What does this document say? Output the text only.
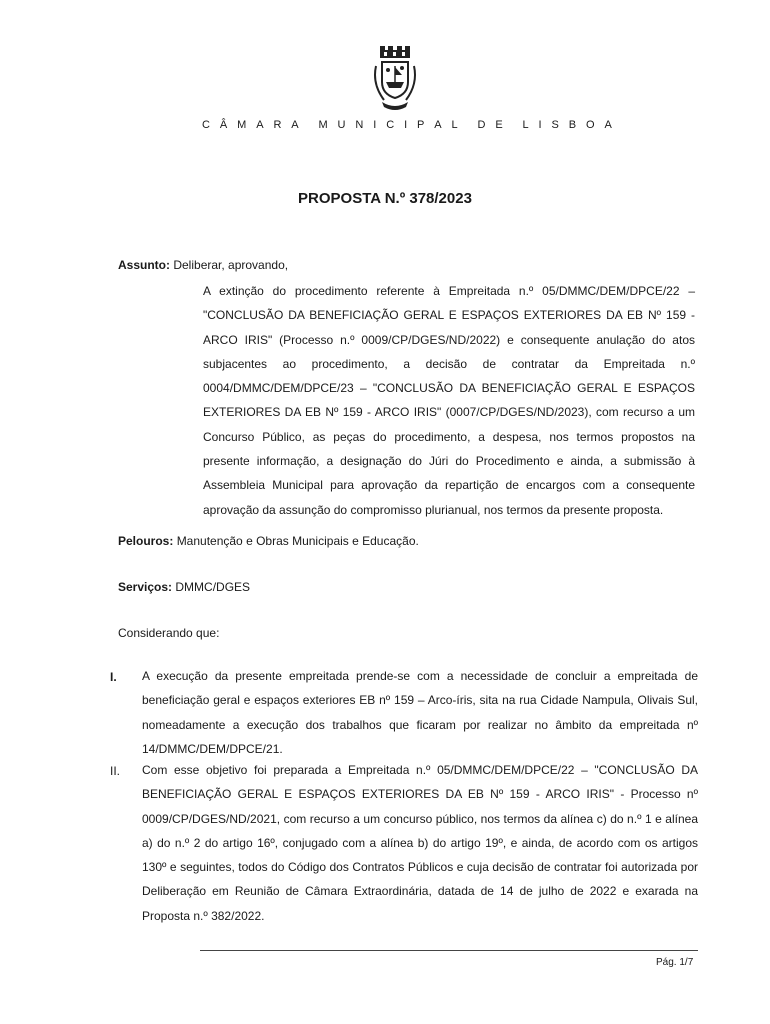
C Â M A R A M U N I C I P A L D E L I S B O A
PROPOSTA N.º 378/2023
Assunto: Deliberar, aprovando,
A extinção do procedimento referente à Empreitada n.º 05/DMMC/DEM/DPCE/22 – "CONCLUSÃO DA BENEFICIAÇÃO GERAL E ESPAÇOS EXTERIORES DA EB Nº 159 - ARCO IRIS" (Processo n.º 0009/CP/DGES/ND/2022) e consequente anulação do atos subjacentes ao procedimento, a decisão de contratar da Empreitada n.º 0004/DMMC/DEM/DPCE/23 – "CONCLUSÃO DA BENEFICIAÇÃO GERAL E ESPAÇOS EXTERIORES DA EB Nº 159 - ARCO IRIS" (0007/CP/DGES/ND/2023), com recurso a um Concurso Público, as peças do procedimento, a despesa, nos termos propostos na presente informação, a designação do Júri do Procedimento e ainda, a submissão à Assembleia Municipal para aprovação da repartição de encargos com a consequente aprovação da assunção do compromisso plurianual, nos termos da presente proposta.
Pelouros: Manutenção e Obras Municipais e Educação.
Serviços: DMMC/DGES
Considerando que:
I. A execução da presente empreitada prende-se com a necessidade de concluir a empreitada de beneficiação geral e espaços exteriores EB nº 159 – Arco-íris, sita na rua Cidade Nampula, Olivais Sul, nomeadamente a execução dos trabalhos que ficaram por realizar no âmbito da empreitada nº 14/DMMC/DEM/DPCE/21.
II. Com esse objetivo foi preparada a Empreitada n.º 05/DMMC/DEM/DPCE/22 – "CONCLUSÃO DA BENEFICIAÇÃO GERAL E ESPAÇOS EXTERIORES DA EB Nº 159 - ARCO IRIS" - Processo nº 0009/CP/DGES/ND/2021, com recurso a um concurso público, nos termos da alínea c) do n.º 1 e alínea a) do n.º 2 do artigo 16º, conjugado com a alínea b) do artigo 19º, e ainda, de acordo com os artigos 130º e seguintes, todos do Código dos Contratos Públicos e cuja decisão de contratar foi autorizada por Deliberação em Reunião de Câmara Extraordinária, datada de 14 de julho de 2022 e exarada na Proposta n.º 382/2022.
Pág. 1/7
